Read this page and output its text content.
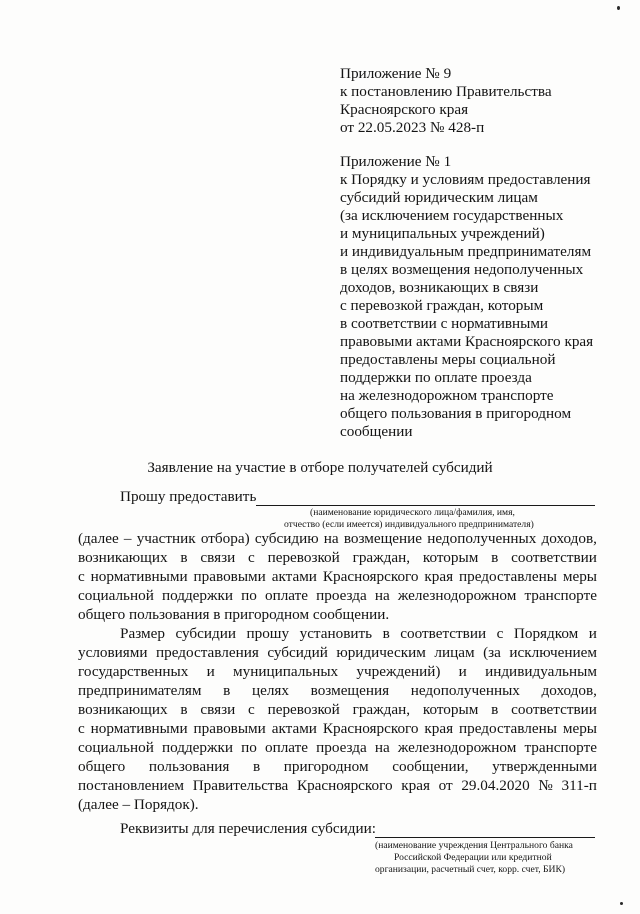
Приложение № 9
к постановлению Правительства
Красноярского края
от 22.05.2023 № 428-п
Приложение № 1
к Порядку и условиям предоставления
субсидий юридическим лицам
(за исключением государственных
и муниципальных учреждений)
и индивидуальным предпринимателям
в целях возмещения недополученных
доходов, возникающих в связи
с перевозкой граждан, которым
в соответствии с нормативными
правовыми актами Красноярского края
предоставлены меры социальной
поддержки по оплате проезда
на железнодорожном транспорте
общего пользования в пригородном
сообщении
Заявление на участие в отборе получателей субсидий
Прошу предоставить
(наименование юридического лица/фамилия, имя,
отчество (если имеется) индивидуального предпринимателя)
(далее – участник отбора) субсидию на возмещение недополученных доходов,
возникающих в связи с перевозкой граждан, которым в соответствии
с нормативными правовыми актами Красноярского края предоставлены меры
социальной поддержки по оплате проезда на железнодорожном транспорте
общего пользования в пригородном сообщении.
Размер субсидии прошу установить в соответствии с Порядком и
условиями предоставления субсидий юридическим лицам (за исключением
государственных и муниципальных учреждений) и индивидуальным
предпринимателям в целях возмещения недополученных доходов,
возникающих в связи с перевозкой граждан, которым в соответствии
с нормативными правовыми актами Красноярского края предоставлены меры
социальной поддержки по оплате проезда на железнодорожном транспорте
общего пользования в пригородном сообщении, утвержденными
постановлением Правительства Красноярского края от 29.04.2020 № 311-п
(далее – Порядок).
Реквизиты для перечисления субсидии:
(наименование учреждения Центрального банка
Российской Федерации или кредитной
организации, расчетный счет, корр. счет, БИК)
